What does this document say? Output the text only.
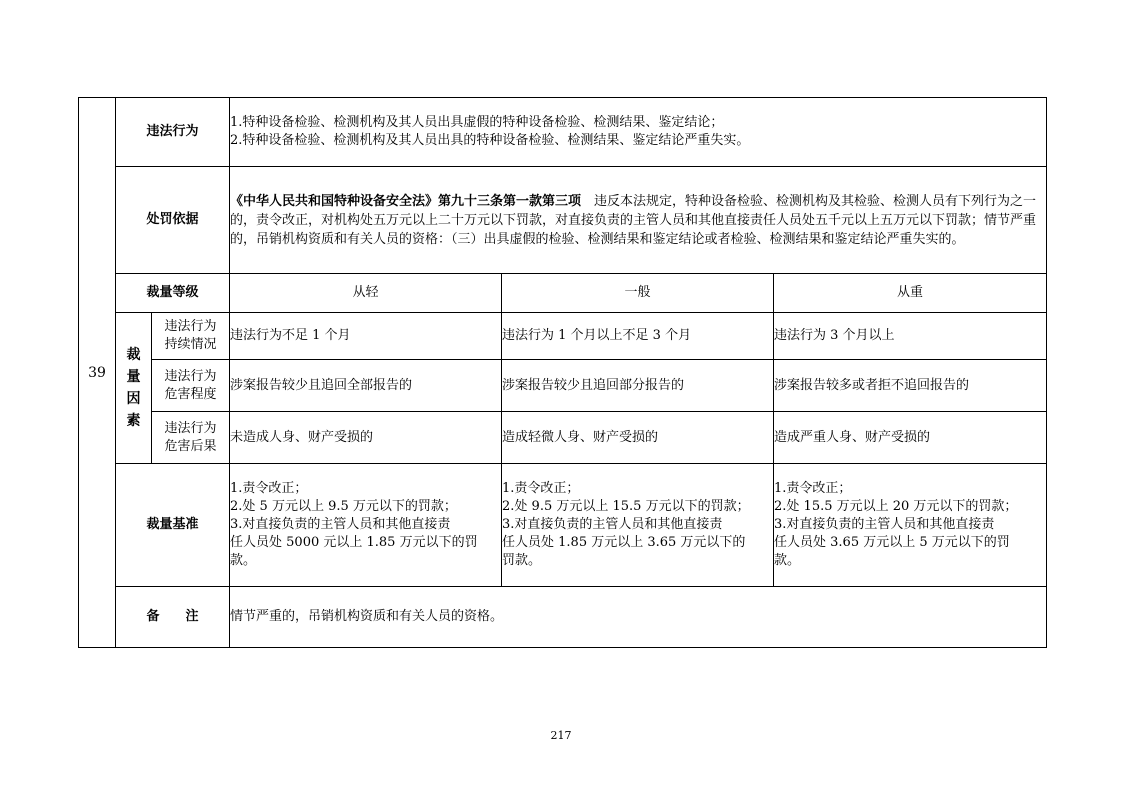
39	违法行为		1.特种设备检验、检测机构及其人员出具虚假的特种设备检验、检测结果、鉴定结论；
2.特种设备检验、检测机构及其人员出具的特种设备检验、检测结果、鉴定结论严重失实。		

	处罚依据		《中华人民共和国特种设备安全法》第九十三条第一款第三项　违反本法规定，特种设备检验、检测机构及其检验、检测人员有下列行为之一的，责令改正，对机构处五万元以上二十万元以下罚款，对直接负责的主管人员和其他直接责任人员处五千元以上五万元以下罚款；情节严重的，吊销机构资质和有关人员的资格：（三）出具虚假的检验、检测结果和鉴定结论或者检验、检测结果和鉴定结论严重失实的。		
	裁量等级		从轻	一般	从重

	裁
量
因
素	违法行为
持续情况	违法行为不足 1 个月	违法行为 1 个月以上不足 3 个月	违法行为 3 个月以上

		违法行为
危害程度	涉案报告较少且追回全部报告的	涉案报告较少且追回部分报告的	涉案报告较多或者拒不追回报告的

		违法行为
危害后果	未造成人身、财产受损的	造成轻微人身、财产受损的	造成严重人身、财产受损的
	裁量基准		1.责令改正；
2.处 5 万元以上 9.5 万元以下的罚款；
3.对直接负责的主管人员和其他直接责
任人员处 5000 元以上 1.85 万元以下的罚
款。	1.责令改正；
2.处 9.5 万元以上 15.5 万元以下的罚款；
3.对直接负责的主管人员和其他直接责
任人员处 1.85 万元以上 3.65 万元以下的
罚款。	1.责令改正；
2.处 15.5 万元以上 20 万元以下的罚款；
3.对直接负责的主管人员和其他直接责
任人员处 3.65 万元以上 5 万元以下的罚
款。

	备　　注		情节严重的，吊销机构资质和有关人员的资格。		
217
